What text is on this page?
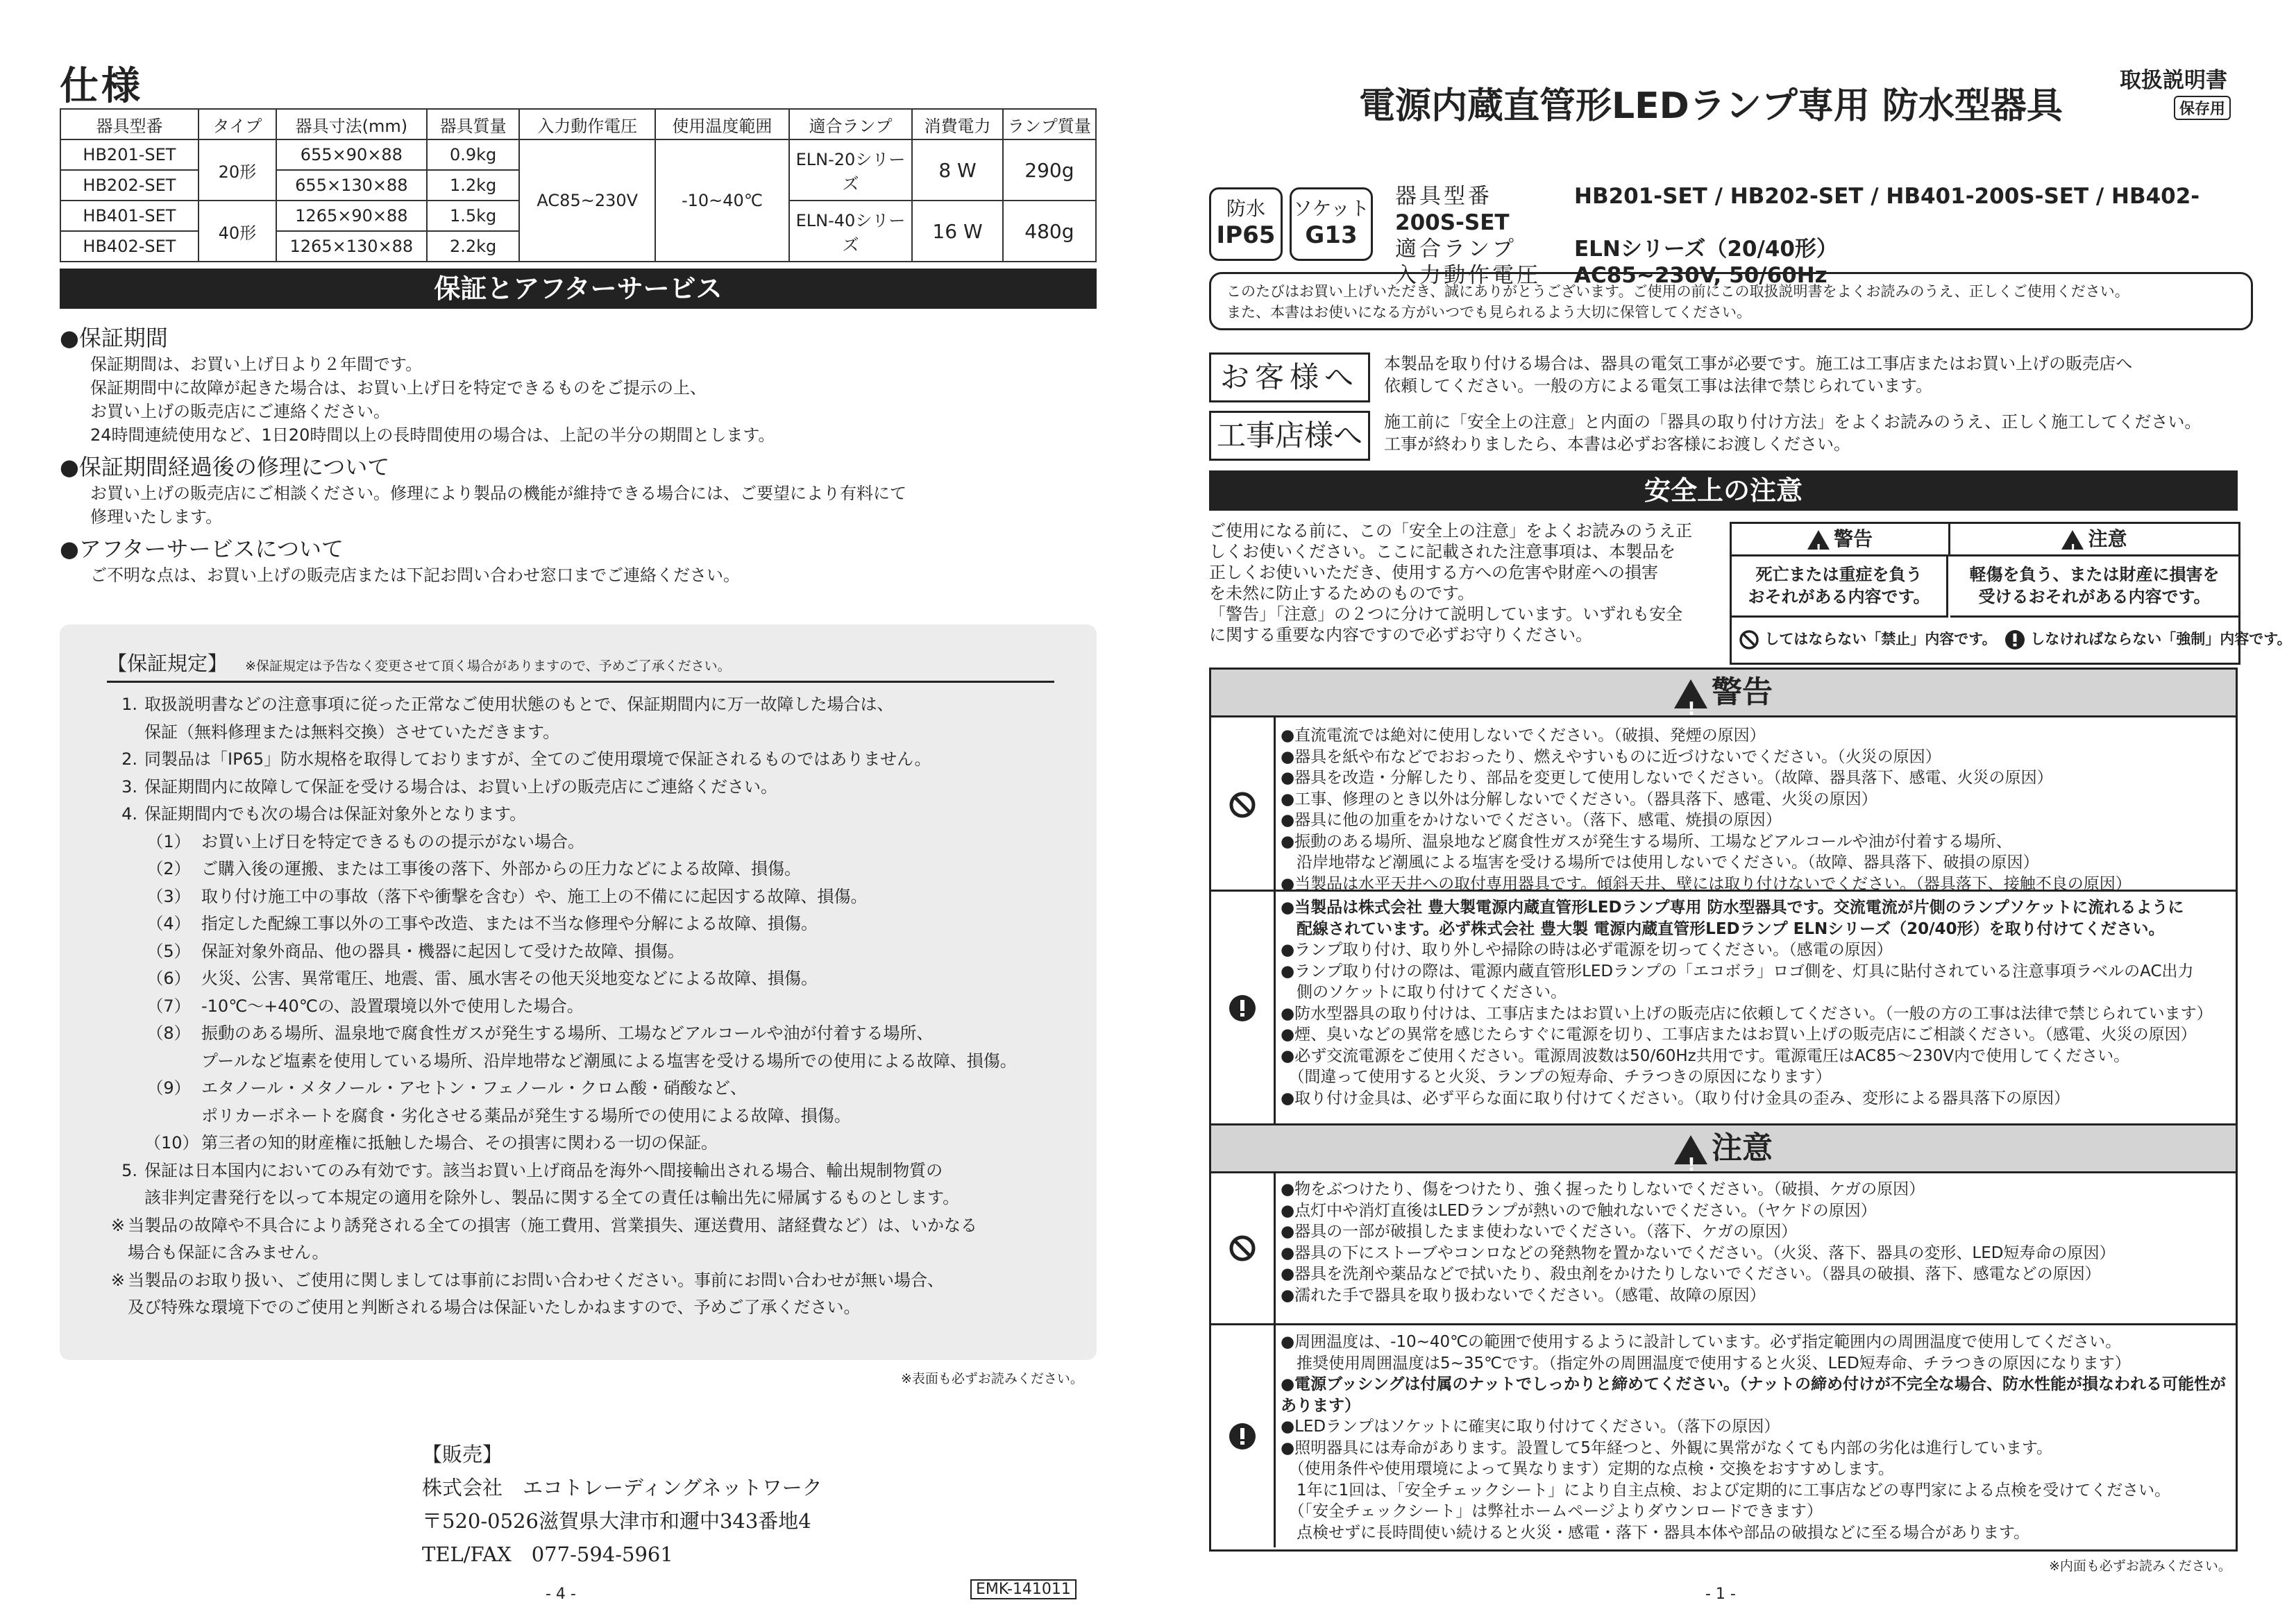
仕様
器具型番	タイプ	器具寸法(mm)	器具質量	入力動作電圧	使用温度範囲	適合ランプ	消費電力	ランプ質量
HB201-SET	20形	655×90×88	0.9kg	AC85~230V	-10~40℃	ELN-20シリーズ	8 W	290g
HB202-SET		655×130×88	1.2kg					
HB401-SET	40形	1265×90×88	1.5kg			ELN-40シリーズ	16 W	480g
HB402-SET		1265×130×88	2.2kg					
保証とアフターサービス
●保証期間
保証期間は、お買い上げ日より２年間です。
保証期間中に故障が起きた場合は、お買い上げ日を特定できるものをご提示の上、
お買い上げの販売店にご連絡ください。
24時間連続使用など、1日20時間以上の長時間使用の場合は、上記の半分の期間とします。
●保証期間経過後の修理について
お買い上げの販売店にご相談ください。修理により製品の機能が維持できる場合には、ご要望により有料にて
修理いたします。
●アフターサービスについて
ご不明な点は、お買い上げの販売店または下記お問い合わせ窓口までご連絡ください。
【保証規定】 ※保証規定は予告なく変更させて頂く場合がありますので、予めご了承ください。
1. 取扱説明書などの注意事項に従った正常なご使用状態のもとで、保証期間内に万一故障した場合は、
保証（無料修理または無料交換）させていただきます。
2. 同製品は「IP65」防水規格を取得しておりますが、全てのご使用環境で保証されるものではありません。
3. 保証期間内に故障して保証を受ける場合は、お買い上げの販売店にご連絡ください。
4. 保証期間内でも次の場合は保証対象外となります。
（1） お買い上げ日を特定できるものの提示がない場合。
（2） ご購入後の運搬、または工事後の落下、外部からの圧力などによる故障、損傷。
（3） 取り付け施工中の事故（落下や衝撃を含む）や、施工上の不備にに起因する故障、損傷。
（4） 指定した配線工事以外の工事や改造、または不当な修理や分解による故障、損傷。
（5） 保証対象外商品、他の器具・機器に起因して受けた故障、損傷。
（6） 火災、公害、異常電圧、地震、雷、風水害その他天災地変などによる故障、損傷。
（7） -10℃～+40℃の、設置環境以外で使用した場合。
（8） 振動のある場所、温泉地で腐食性ガスが発生する場所、工場などアルコールや油が付着する場所、
プールなど塩素を使用している場所、沿岸地帯など潮風による塩害を受ける場所での使用による故障、損傷。
（9） エタノール・メタノール・アセトン・フェノール・クロム酸・硝酸など、
ポリカーボネートを腐食・劣化させる薬品が発生する場所での使用による故障、損傷。
（10） 第三者の知的財産権に抵触した場合、その損害に関わる一切の保証。
5. 保証は日本国内においてのみ有効です。該当お買い上げ商品を海外へ間接輸出される場合、輸出規制物質の
該非判定書発行を以って本規定の適用を除外し、製品に関する全ての責任は輸出先に帰属するものとします。
※ 当製品の故障や不具合により誘発される全ての損害（施工費用、営業損失、運送費用、諸経費など）は、いかなる
場合も保証に含みません。
※ 当製品のお取り扱い、ご使用に関しましては事前にお問い合わせください。事前にお問い合わせが無い場合、
及び特殊な環境下でのご使用と判断される場合は保証いたしかねますので、予めご了承ください。
※表面も必ずお読みください。
【販売】
株式会社　エコトレーディングネットワーク
〒520-0526滋賀県大津市和邇中343番地4
TEL/FAX　077-594-5961
- 4 -	EMK-141011
電源内蔵直管形LEDランプ専用 防水型器具
取扱説明書
保存用
防水
IP65
ソケット
G13
器具型番	HB201-SET / HB202-SET / HB401-200S-SET / HB402-200S-SET
適合ランプ	ELNシリーズ（20/40形）
入力動作電圧 AC85~230V, 50/60Hz
このたびはお買い上げいただき、誠にありがとうございます。ご使用の前にこの取扱説明書をよくお読みのうえ、正しくご使用ください。
また、本書はお使いになる方がいつでも見られるよう大切に保管してください。
お客様へ	本製品を取り付ける場合は、器具の電気工事が必要です。施工は工事店またはお買い上げの販売店へ
依頼してください。一般の方による電気工事は法律で禁じられています。
工事店様へ	施工前に「安全上の注意」と内面の「器具の取り付け方法」をよくお読みのうえ、正しく施工してください。
工事が終わりましたら、本書は必ずお客様にお渡しください。
安全上の注意
ご使用になる前に、この「安全上の注意」をよくお読みのうえ正
しくお使いください。ここに記載された注意事項は、本製品を
正しくお使いいただき、使用する方への危害や財産への損害
を未然に防止するためのものです。
「警告」「注意」の２つに分けて説明しています。いずれも安全
に関する重要な内容ですので必ずお守りください。
!警告 !	注意
死亡または重症を負う
おそれがある内容です。
軽傷を負う、または財産に損害を
受けるおそれがある内容です。
してはならない「禁止」内容です。 しなければならない「強制」内容です。
!警告
●直流電流では絶対に使用しないでください。（破損、発煙の原因）
●器具を紙や布などでおおったり、燃えやすいものに近づけないでください。（火災の原因）
●器具を改造・分解したり、部品を変更して使用しないでください。（故障、器具落下、感電、火災の原因）
●工事、修理のとき以外は分解しないでください。（器具落下、感電、火災の原因）
●器具に他の加重をかけないでください。（落下、感電、焼損の原因）
●振動のある場所、温泉地など腐食性ガスが発生する場所、工場などアルコールや油が付着する場所、
　沿岸地帯など潮風による塩害を受ける場所では使用しないでください。（故障、器具落下、破損の原因）
●当製品は水平天井への取付専用器具です。傾斜天井、壁には取り付けないでください。（器具落下、接触不良の原因）
●当製品は株式会社 豊大製電源内蔵直管形LEDランプ専用 防水型器具です。交流電流が片側のランプソケットに流れるように
　配線されています。必ず株式会社 豊大製 電源内蔵直管形LEDランプ ELNシリーズ（20/40形）を取り付けてください。
●ランプ取り付け、取り外しや掃除の時は必ず電源を切ってください。（感電の原因）
●ランプ取り付けの際は、電源内蔵直管形LEDランプの「エコボラ」ロゴ側を、灯具に貼付されている注意事項ラベルのAC出力
　側のソケットに取り付けてください。
●防水型器具の取り付けは、工事店またはお買い上げの販売店に依頼してください。（一般の方の工事は法律で禁じられています）
●煙、臭いなどの異常を感じたらすぐに電源を切り、工事店またはお買い上げの販売店にご相談ください。（感電、火災の原因）
●必ず交流電源をご使用ください。電源周波数は50/60Hz共用です。電源電圧はAC85～230V内で使用してください。
　（間違って使用すると火災、ランプの短寿命、チラつきの原因になります）
●取り付け金具は、必ず平らな面に取り付けてください。（取り付け金具の歪み、変形による器具落下の原因）
!注意
●物をぶつけたり、傷をつけたり、強く握ったりしないでください。（破損、ケガの原因）
●点灯中や消灯直後はLEDランプが熱いので触れないでください。（ヤケドの原因）
●器具の一部が破損したまま使わないでください。（落下、ケガの原因）
●器具の下にストーブやコンロなどの発熱物を置かないでください。（火災、落下、器具の変形、LED短寿命の原因）
●器具を洗剤や薬品などで拭いたり、殺虫剤をかけたりしないでください。（器具の破損、落下、感電などの原因）
●濡れた手で器具を取り扱わないでください。（感電、故障の原因）
●周囲温度は、-10~40℃の範囲で使用するように設計しています。必ず指定範囲内の周囲温度で使用してください。
　推奨使用周囲温度は5~35℃です。（指定外の周囲温度で使用すると火災、LED短寿命、チラつきの原因になります）
●電源ブッシングは付属のナットでしっかりと締めてください。（ナットの締め付けが不完全な場合、防水性能が損なわれる可能性があります）
●LEDランプはソケットに確実に取り付けてください。（落下の原因）
●照明器具には寿命があります。設置して5年経つと、外観に異常がなくても内部の劣化は進行しています。
　（使用条件や使用環境によって異なります）定期的な点検・交換をおすすめします。
　1年に1回は、「安全チェックシート」により自主点検、および定期的に工事店などの専門家による点検を受けてください。
　（「安全チェックシート」は弊社ホームページよりダウンロードできます）
　点検せずに長時間使い続けると火災・感電・落下・器具本体や部品の破損などに至る場合があります。
※内面も必ずお読みください。
- 1 -
